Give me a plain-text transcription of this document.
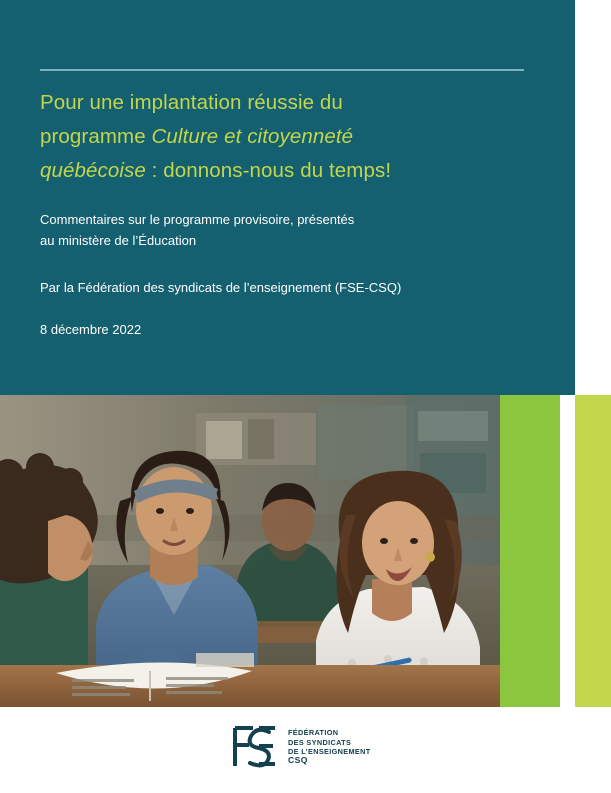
Pour une implantation réussie du
programme Culture et citoyenneté
québécoise : donnons-nous du temps!
Commentaires sur le programme provisoire, présentés
au ministère de l’Éducation
Par la Fédération des syndicats de l’enseignement (FSE-CSQ)
8 décembre 2022
FÉDÉRATION
DES SYNDICATS
DE L’ENSEIGNEMENT
CSQ
